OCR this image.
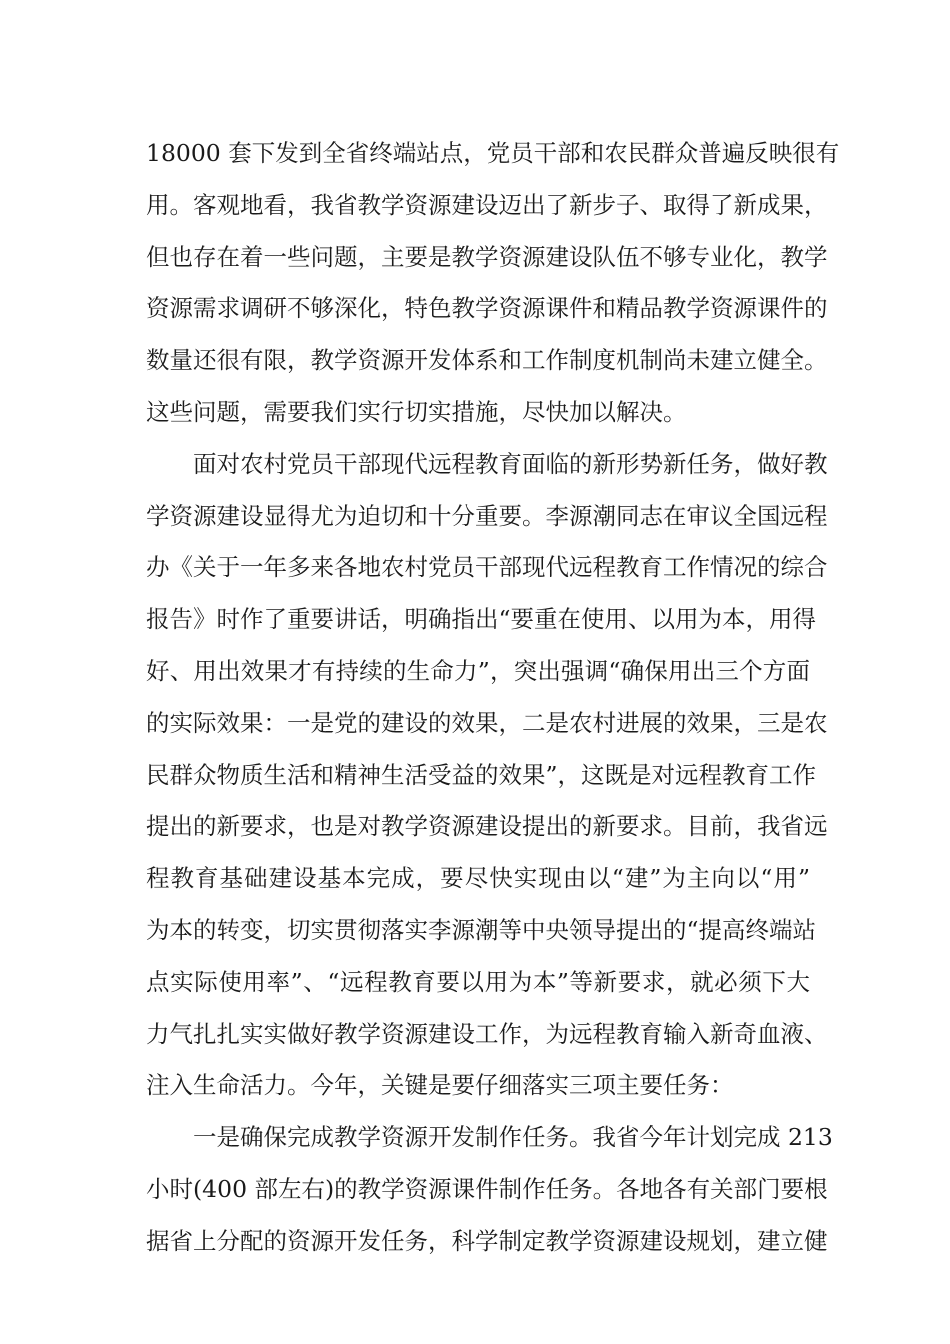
18000 套下发到全省终端站点，党员干部和农民群众普遍反映很有
用。客观地看，我省教学资源建设迈出了新步子、取得了新成果，
但也存在着一些问题，主要是教学资源建设队伍不够专业化，教学
资源需求调研不够深化，特色教学资源课件和精品教学资源课件的
数量还很有限，教学资源开发体系和工作制度机制尚未建立健全。
这些问题，需要我们实行切实措施，尽快加以解决。
面对农村党员干部现代远程教育面临的新形势新任务，做好教
学资源建设显得尤为迫切和十分重要。李源潮同志在审议全国远程
办《关于一年多来各地农村党员干部现代远程教育工作情况的综合
报告》时作了重要讲话，明确指出“要重在使用、以用为本，用得
好、用出效果才有持续的生命力”，突出强调“确保用出三个方面
的实际效果：一是党的建设的效果，二是农村进展的效果，三是农
民群众物质生活和精神生活受益的效果”，这既是对远程教育工作
提出的新要求，也是对教学资源建设提出的新要求。目前，我省远
程教育基础建设基本完成，要尽快实现由以“建”为主向以“用”
为本的转变，切实贯彻落实李源潮等中央领导提出的“提高终端站
点实际使用率”、“远程教育要以用为本”等新要求，就必须下大
力气扎扎实实做好教学资源建设工作，为远程教育输入新奇血液、
注入生命活力。今年，关键是要仔细落实三项主要任务：
一是确保完成教学资源开发制作任务。我省今年计划完成 213
小时(400 部左右)的教学资源课件制作任务。各地各有关部门要根
据省上分配的资源开发任务，科学制定教学资源建设规划，建立健
